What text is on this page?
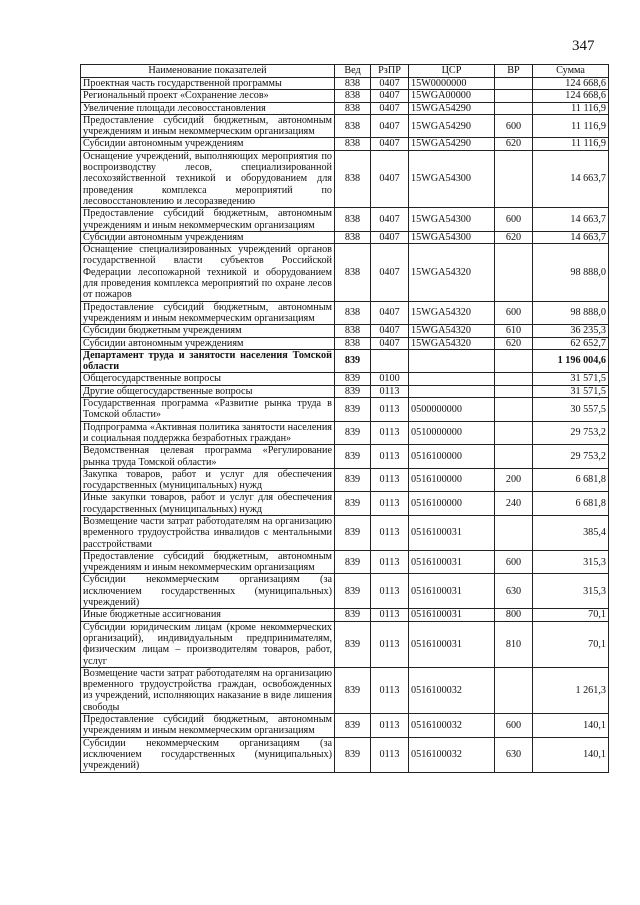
347
Наименование показателей	Вед	РзПР	ЦСР	ВР	Сумма
Проектная часть государственной программы	838	0407	15W0000000		124 668,6
Региональный проект «Сохранение лесов»	838	0407	15WGA00000		124 668,6
Увеличение площади лесовосстановления	838	0407	15WGA54290		11 116,9
Предоставление субсидий бюджетным, автономным учреждениям и иным некоммерческим организациям	838	0407	15WGA54290	600	11 116,9
Субсидии автономным учреждениям	838	0407	15WGA54290	620	11 116,9
Оснащение учреждений, выполняющих мероприятия по воспроизводству лесов, специализированной лесохозяйственной техникой и оборудованием для проведения комплекса мероприятий по лесовосстановлению и лесоразведению	838	0407	15WGA54300		14 663,7
Предоставление субсидий бюджетным, автономным учреждениям и иным некоммерческим организациям	838	0407	15WGA54300	600	14 663,7
Субсидии автономным учреждениям	838	0407	15WGA54300	620	14 663,7
Оснащение специализированных учреждений органов государственной власти субъектов Российской Федерации лесопожарной техникой и оборудованием для проведения комплекса мероприятий по охране лесов от пожаров	838	0407	15WGA54320		98 888,0
Предоставление субсидий бюджетным, автономным учреждениям и иным некоммерческим организациям	838	0407	15WGA54320	600	98 888,0
Субсидии бюджетным учреждениям	838	0407	15WGA54320	610	36 235,3
Субсидии автономным учреждениям	838	0407	15WGA54320	620	62 652,7
Департамент труда и занятости населения Томской области	839				1 196 004,6
Общегосударственные вопросы	839	0100			31 571,5
Другие общегосударственные вопросы	839	0113			31 571,5
Государственная программа «Развитие рынка труда в Томской области»	839	0113	0500000000		30 557,5
Подпрограмма «Активная политика занятости населения и социальная поддержка безработных граждан»	839	0113	0510000000		29 753,2
Ведомственная целевая программа «Регулирование рынка труда Томской области»	839	0113	0516100000		29 753,2
Закупка товаров, работ и услуг для обеспечения государственных (муниципальных) нужд	839	0113	0516100000	200	6 681,8
Иные закупки товаров, работ и услуг для обеспечения государственных (муниципальных) нужд	839	0113	0516100000	240	6 681,8
Возмещение части затрат работодателям на организацию временного трудоустройства инвалидов с ментальными расстройствами	839	0113	0516100031		385,4
Предоставление субсидий бюджетным, автономным учреждениям и иным некоммерческим организациям	839	0113	0516100031	600	315,3
Субсидии некоммерческим организациям (за исключением государственных (муниципальных) учреждений)	839	0113	0516100031	630	315,3
Иные бюджетные ассигнования	839	0113	0516100031	800	70,1
Субсидии юридическим лицам (кроме некоммерческих организаций), индивидуальным предпринимателям, физическим лицам – производителям товаров, работ, услуг	839	0113	0516100031	810	70,1
Возмещение части затрат работодателям на организацию временного трудоустройства граждан, освобожденных из учреждений, исполняющих наказание в виде лишения свободы	839	0113	0516100032		1 261,3
Предоставление субсидий бюджетным, автономным учреждениям и иным некоммерческим организациям	839	0113	0516100032	600	140,1
Субсидии некоммерческим организациям (за исключением государственных (муниципальных) учреждений)	839	0113	0516100032	630	140,1
